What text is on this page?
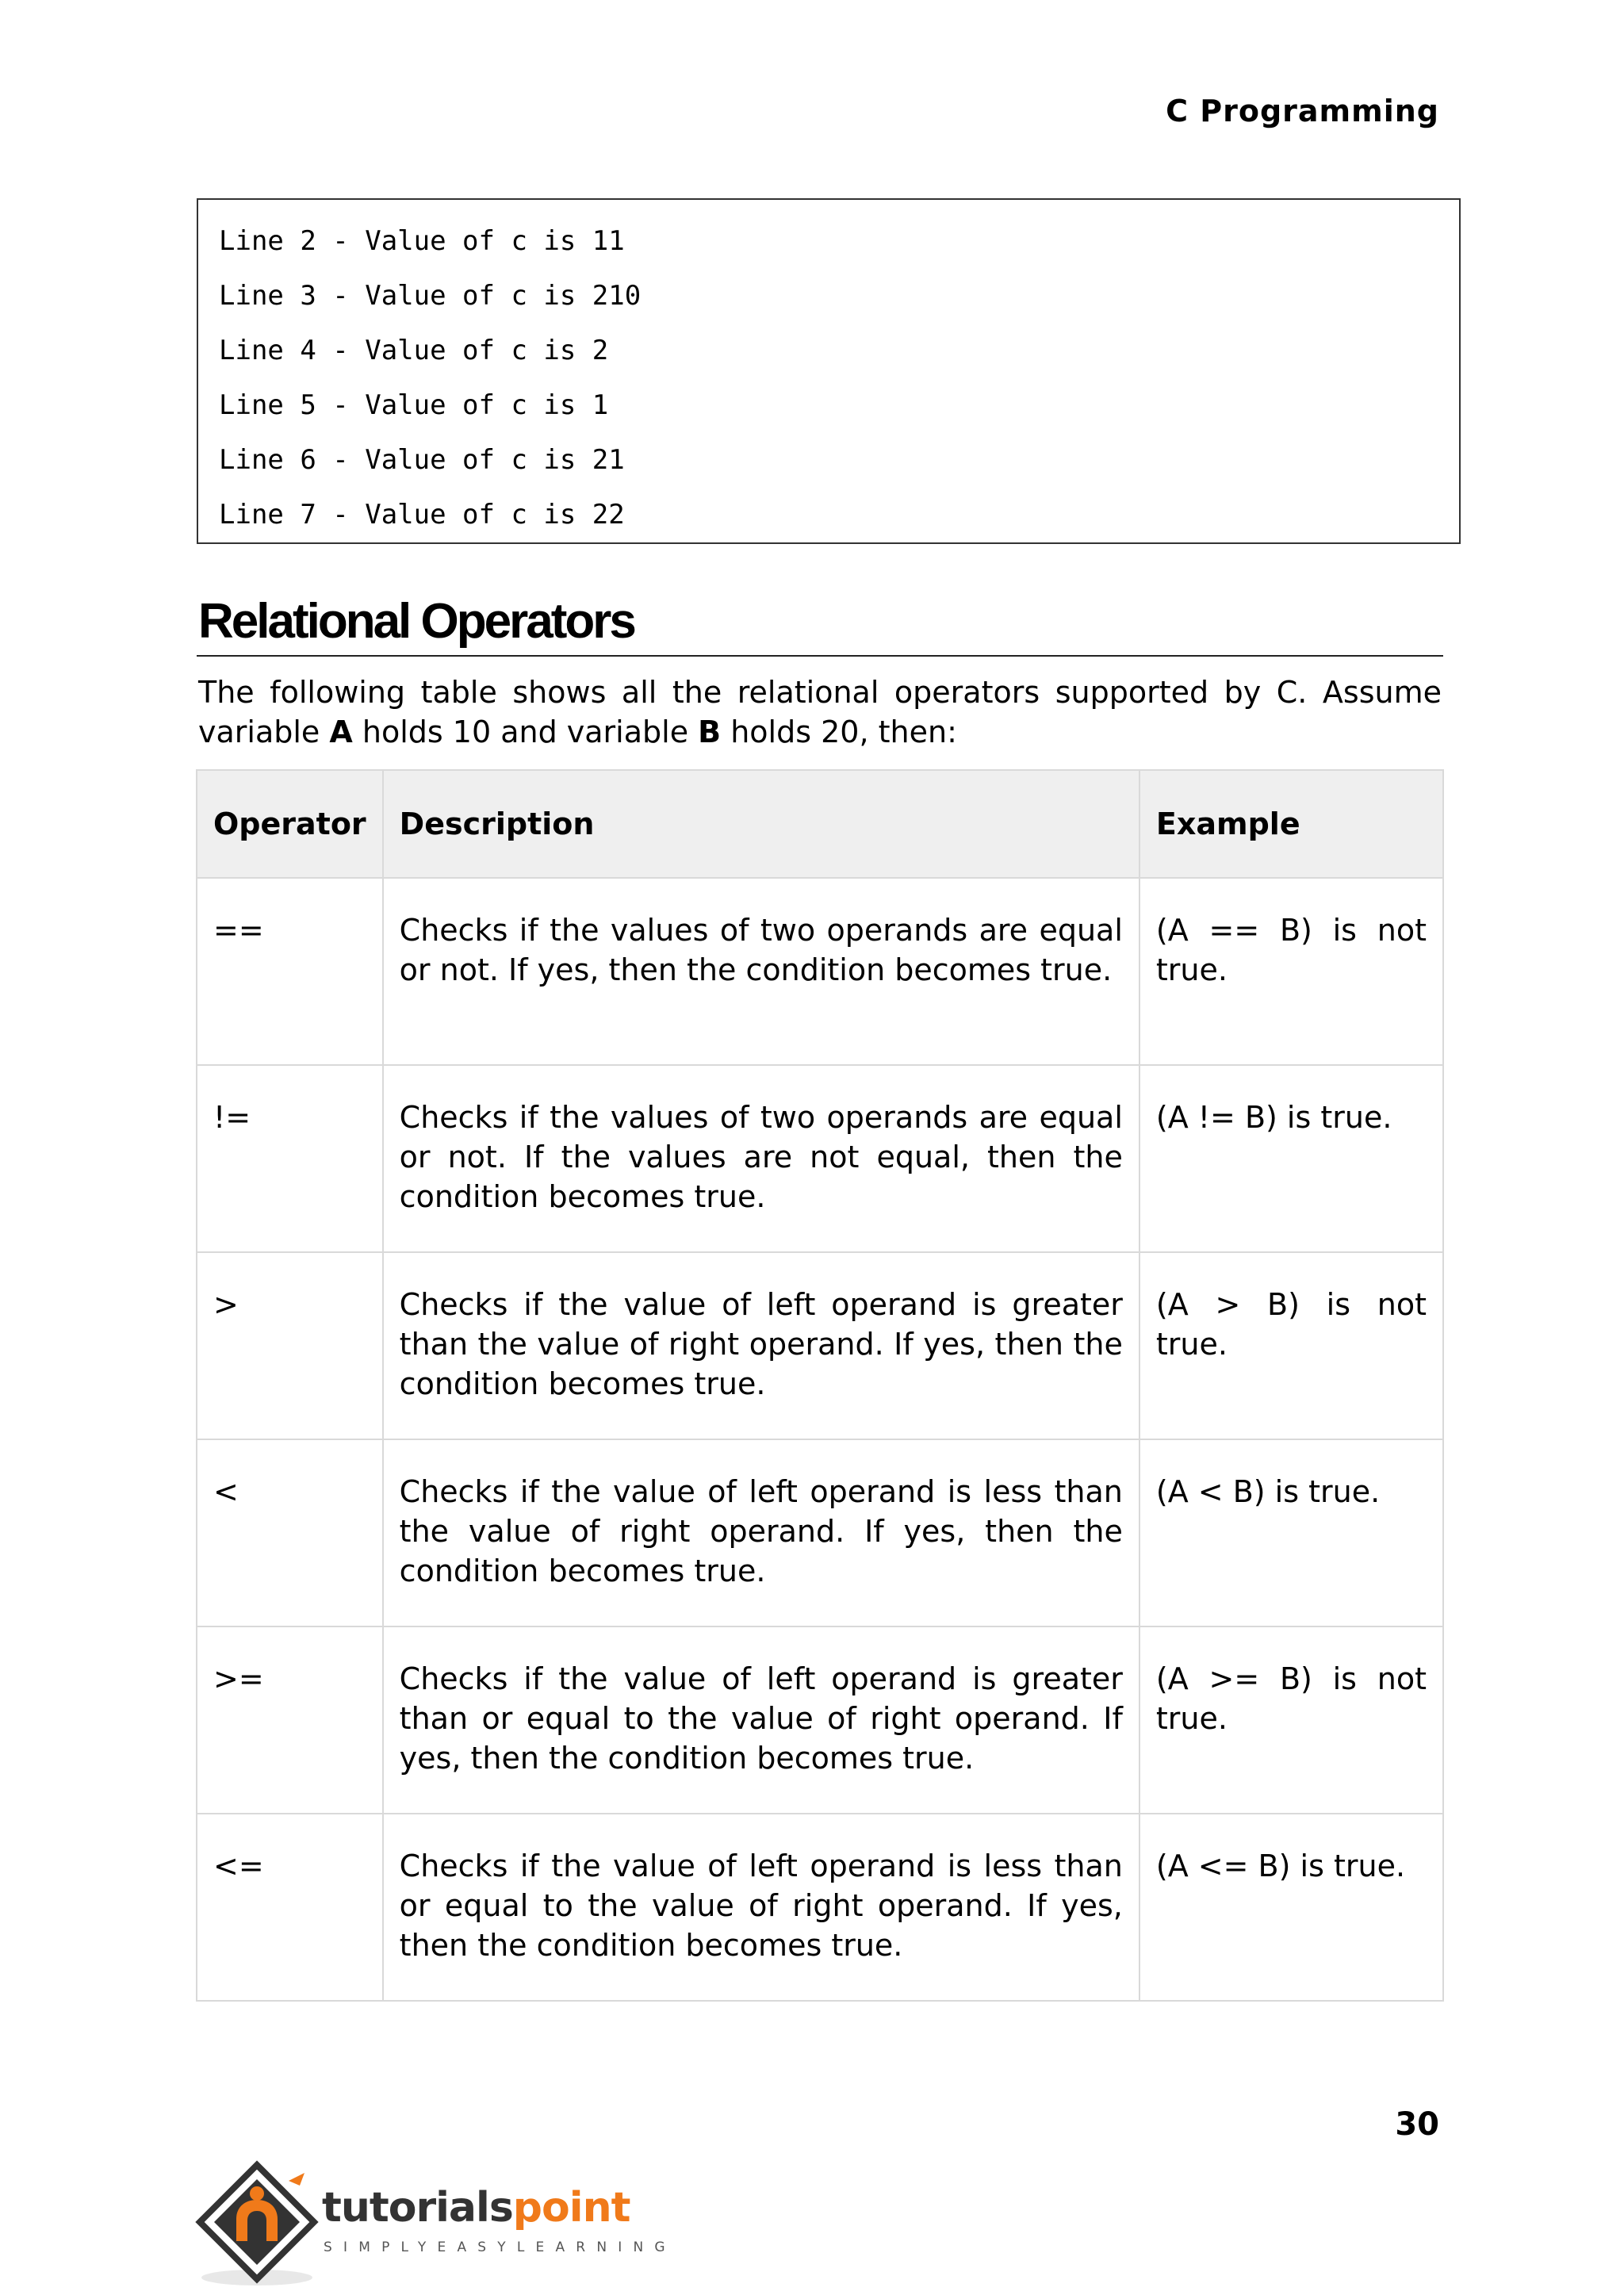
C Programming
Line 2 - Value of c is 11
Line 3 - Value of c is 210
Line 4 - Value of c is 2
Line 5 - Value of c is 1
Line 6 - Value of c is 21
Line 7 - Value of c is 22
Relational Operators

The following table shows all the relational operators supported by C. Assume variable A holds 10 and variable B holds 20, then:

Operator	Description	Example
==	Checks if the values of two operands are equal or not. If yes, then the condition becomes true.	(A == B) is not true.
!=	Checks if the values of two operands are equal or not. If the values are not equal, then the condition becomes true.	(A != B) is true.
>	Checks if the value of left operand is greater than the value of right operand. If yes, then the condition becomes true.	(A > B) is not true.
<	Checks if the value of left operand is less than the value of right operand. If yes, then the condition becomes true.	(A < B) is true.
>=	Checks if the value of left operand is greater than or equal to the value of right operand. If yes, then the condition becomes true.	(A >= B) is not true.
<=	Checks if the value of left operand is less than or equal to the value of right operand. If yes, then the condition becomes true.	(A <= B) is true.
30
tutorialspoint
SIMPLYEASYLEARNING
